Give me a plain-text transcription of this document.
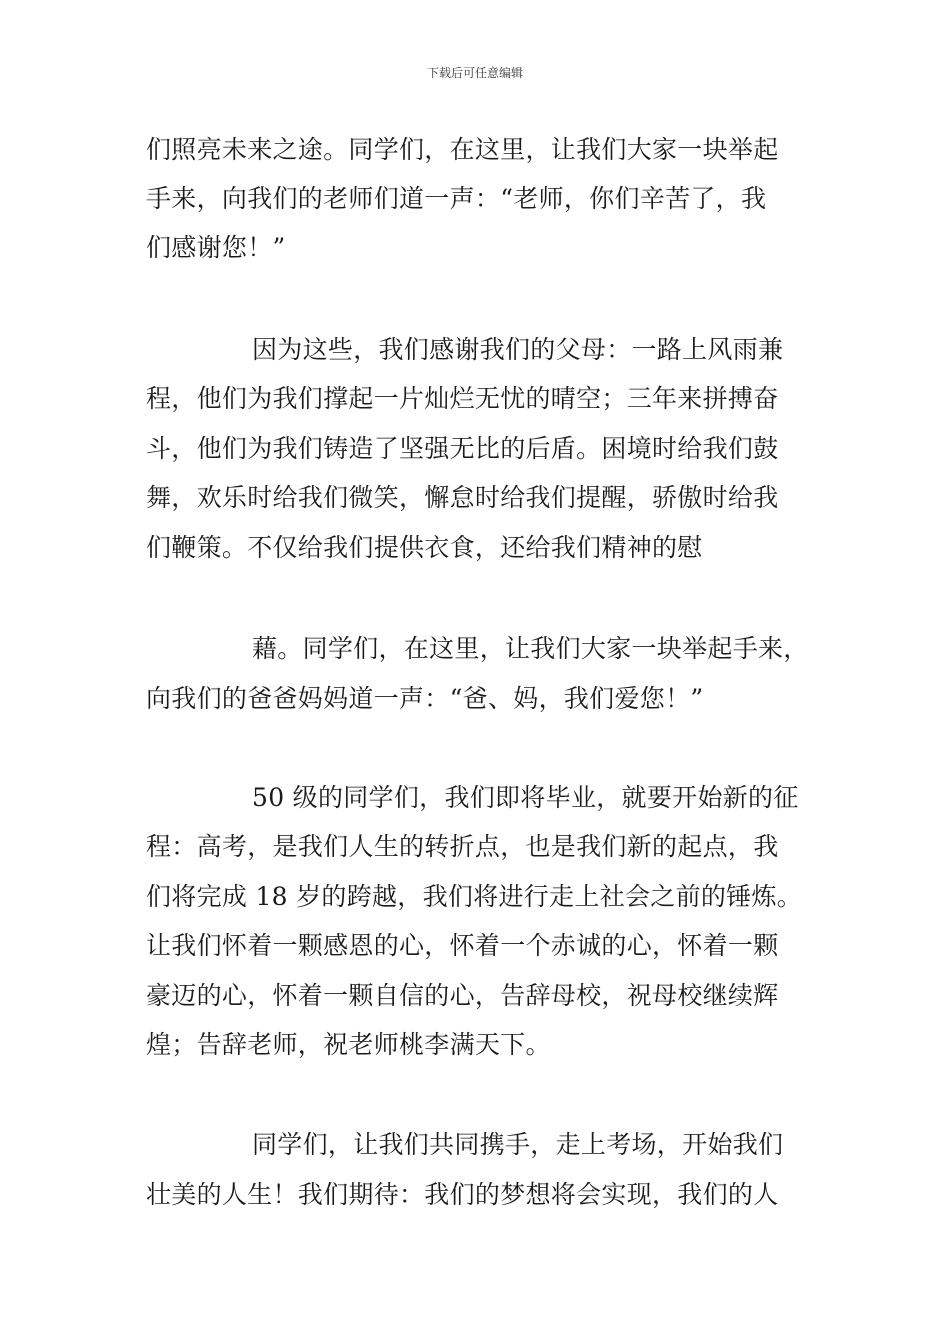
下载后可任意编辑
们照亮未来之途。同学们，在这里，让我们大家一块举起
手来，向我们的老师们道一声：“老师，你们辛苦了，我
们感谢您！”
因为这些，我们感谢我们的父母：一路上风雨兼
程，他们为我们撑起一片灿烂无忧的晴空；三年来拼搏奋
斗，他们为我们铸造了坚强无比的后盾。困境时给我们鼓
舞，欢乐时给我们微笑，懈怠时给我们提醒，骄傲时给我
们鞭策。不仅给我们提供衣食，还给我们精神的慰
藉。同学们，在这里，让我们大家一块举起手来，
向我们的爸爸妈妈道一声：“爸、妈，我们爱您！”
50 级的同学们，我们即将毕业，就要开始新的征
程：高考，是我们人生的转折点，也是我们新的起点，我
们将完成 18 岁的跨越，我们将进行走上社会之前的锤炼。
让我们怀着一颗感恩的心，怀着一个赤诚的心，怀着一颗
豪迈的心，怀着一颗自信的心，告辞母校，祝母校继续辉
煌；告辞老师，祝老师桃李满天下。
同学们，让我们共同携手，走上考场，开始我们
壮美的人生！我们期待：我们的梦想将会实现，我们的人
